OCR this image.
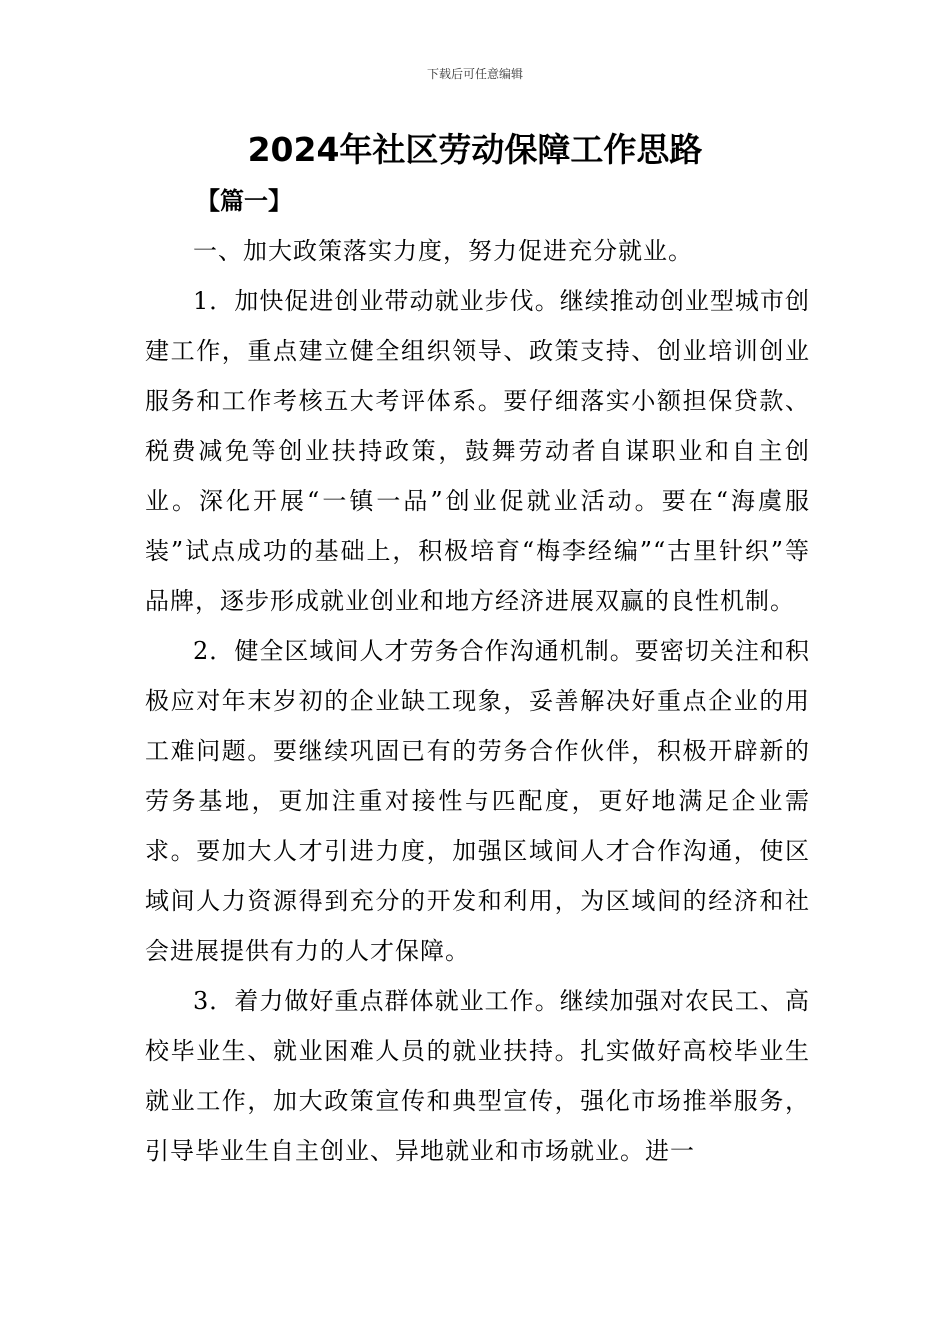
下载后可任意编辑
2024年社区劳动保障工作思路
【篇一】

一、加大政策落实力度，努力促进充分就业。

1．加快促进创业带动就业步伐。继续推动创业型城市创建工作，重点建立健全组织领导、政策支持、创业培训创业服务和工作考核五大考评体系。要仔细落实小额担保贷款、税费减免等创业扶持政策，鼓舞劳动者自谋职业和自主创业。深化开展“一镇一品”创业促就业活动。要在“海虞服装”试点成功的基础上，积极培育“梅李经编”“古里针织”等品牌，逐步形成就业创业和地方经济进展双赢的良性机制。

2．健全区域间人才劳务合作沟通机制。要密切关注和积极应对年末岁初的企业缺工现象，妥善解决好重点企业的用工难问题。要继续巩固已有的劳务合作伙伴，积极开辟新的劳务基地，更加注重对接性与匹配度，更好地满足企业需求。要加大人才引进力度，加强区域间人才合作沟通，使区域间人力资源得到充分的开发和利用，为区域间的经济和社会进展提供有力的人才保障。

3．着力做好重点群体就业工作。继续加强对农民工、高校毕业生、就业困难人员的就业扶持。扎实做好高校毕业生就业工作，加大政策宣传和典型宣传，强化市场推举服务，引导毕业生自主创业、异地就业和市场就业。进一
